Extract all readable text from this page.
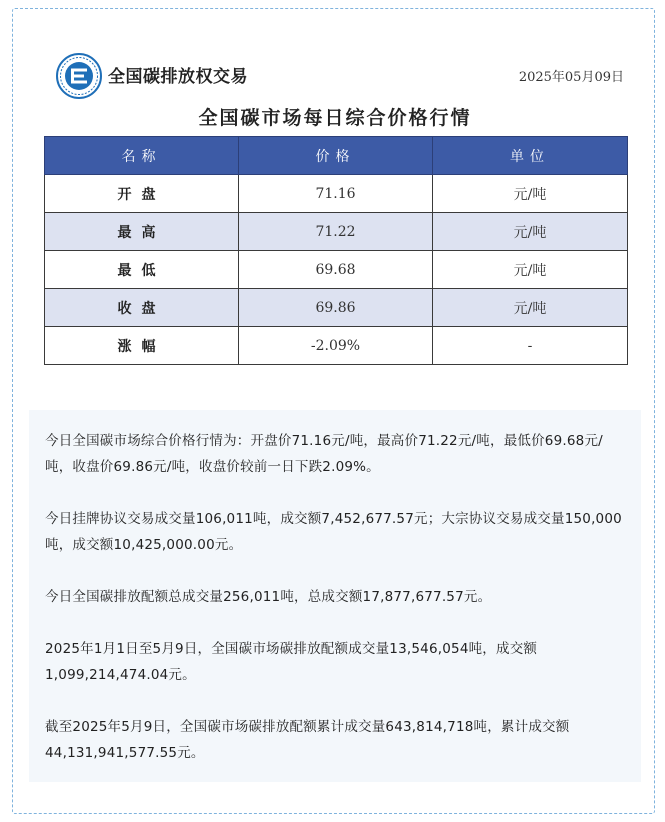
全国碳排放权交易	2025年05月09日
全国碳市场每日综合价格行情
名称	价格	单位
开盘	71.16	元/吨
最高	71.22	元/吨
最低	69.68	元/吨
收盘	69.86	元/吨
涨幅	-2.09%	-

今日全国碳市场综合价格行情为：开盘价71.16元/吨，最高价71.22元/吨，最低价69.68元/吨，收盘价69.86元/吨，收盘价较前一日下跌2.09%。

今日挂牌协议交易成交量106,011吨，成交额7,452,677.57元；大宗协议交易成交量150,000吨，成交额10,425,000.00元。

今日全国碳排放配额总成交量256,011吨，总成交额17,877,677.57元。

2025年1月1日至5月9日，全国碳市场碳排放配额成交量13,546,054吨，成交额1,099,214,474.04元。

截至2025年5月9日，全国碳市场碳排放配额累计成交量643,814,718吨，累计成交额44,131,941,577.55元。
